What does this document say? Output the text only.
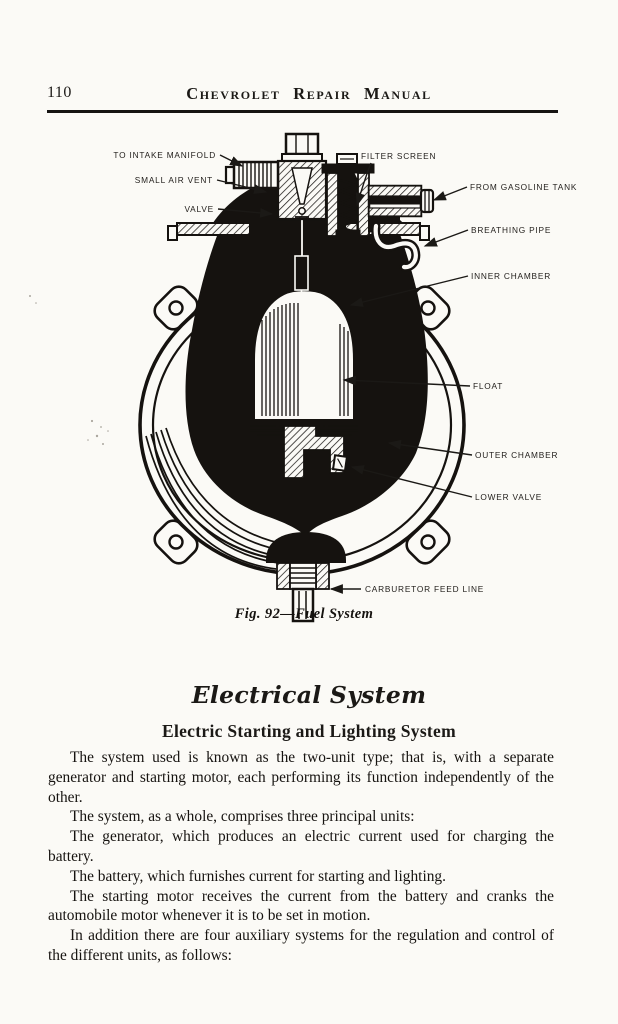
110	Chevrolet Repair Manual
TO INTAKE MANIFOLD
SMALL AIR VENT
VALVE
FILTER SCREEN
FROM GASOLINE TANK
BREATHING PIPE
INNER CHAMBER
FLOAT
OUTER CHAMBER
LOWER VALVE
CARBURETOR FEED LINE
Fig. 92—Fuel System
Electrical System
Electric Starting and Lighting System

The system used is known as the two-unit type; that is, with a separate generator and starting motor, each performing its function independently of the other.

The system, as a whole, comprises three principal units:

The generator, which produces an electric current used for charging the battery.

The battery, which furnishes current for starting and lighting.

The starting motor receives the current from the battery and cranks the automobile motor whenever it is to be set in motion.

In addition there are four auxiliary systems for the regulation and control of the different units, as follows:
